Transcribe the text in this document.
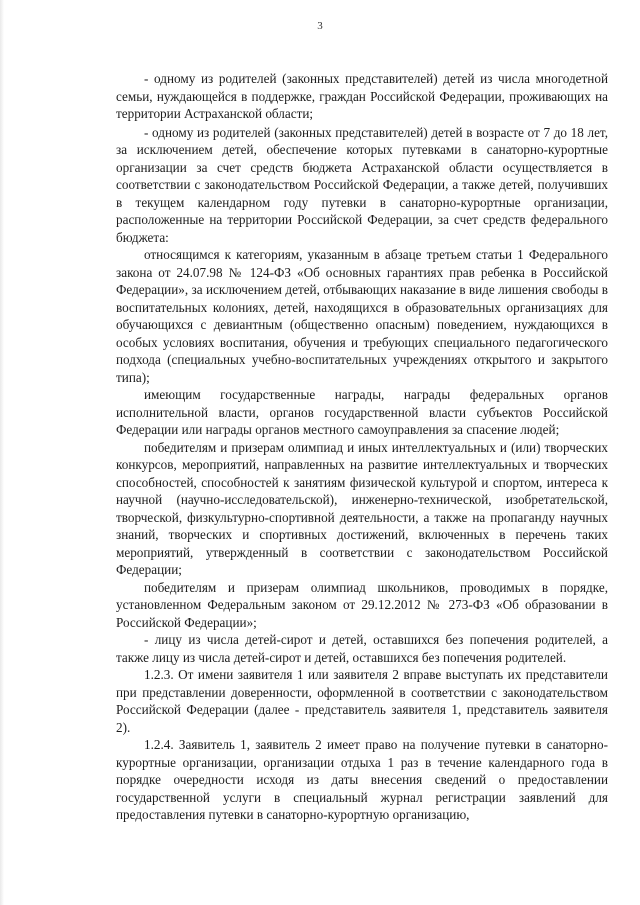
3

- одному из родителей (законных представителей) детей из числа многодетной семьи, нуждающейся в поддержке, граждан Российской Федерации, проживающих на территории Астраханской области;

- одному из родителей (законных представителей) детей в возрасте от 7 до 18 лет, за исключением детей, обеспечение которых путевками в санаторно-курортные организации за счет средств бюджета Астраханской области осуществляется в соответствии с законодательством Российской Федерации, а также детей, получивших в текущем календарном году путевки в санаторно-курортные организации, расположенные на территории Российской Федерации, за счет средств федерального бюджета:

относящимся к категориям, указанным в абзаце третьем статьи 1 Федерального закона от 24.07.98 № 124-ФЗ «Об основных гарантиях прав ребенка в Российской Федерации», за исключением детей, отбывающих наказание в виде лишения свободы в воспитательных колониях, детей, находящихся в образовательных организациях для обучающихся с девиантным (общественно опасным) поведением, нуждающихся в особых условиях воспитания, обучения и требующих специального педагогического подхода (специальных учебно-воспитательных учреждениях открытого и закрытого типа);

имеющим государственные награды, награды федеральных органов исполнительной власти, органов государственной власти субъектов Российской Федерации или награды органов местного самоуправления за спасение людей;

победителям и призерам олимпиад и иных интеллектуальных и (или) творческих конкурсов, мероприятий, направленных на развитие интеллектуальных и творческих способностей, способностей к занятиям физической культурой и спортом, интереса к научной (научно-исследовательской), инженерно-технической, изобретательской, творческой, физкультурно-спортивной деятельности, а также на пропаганду научных знаний, творческих и спортивных достижений, включенных в перечень таких мероприятий, утвержденный в соответствии с законодательством Российской Федерации;

победителям и призерам олимпиад школьников, проводимых в порядке, установленном Федеральным законом от 29.12.2012 № 273-ФЗ «Об образовании в Российской Федерации»;

- лицу из числа детей-сирот и детей, оставшихся без попечения родителей, а также лицу из числа детей-сирот и детей, оставшихся без попечения родителей.

1.2.3. От имени заявителя 1 или заявителя 2 вправе выступать их представители при представлении доверенности, оформленной в соответствии с законодательством Российской Федерации (далее - представитель заявителя 1, представитель заявителя 2).

1.2.4. Заявитель 1, заявитель 2 имеет право на получение путевки в санаторно-курортные организации, организации отдыха 1 раз в течение календарного года в порядке очередности исходя из даты внесения сведений о предоставлении государственной услуги в специальный журнал регистрации заявлений для предоставления путевки в санаторно-курортную организацию,
